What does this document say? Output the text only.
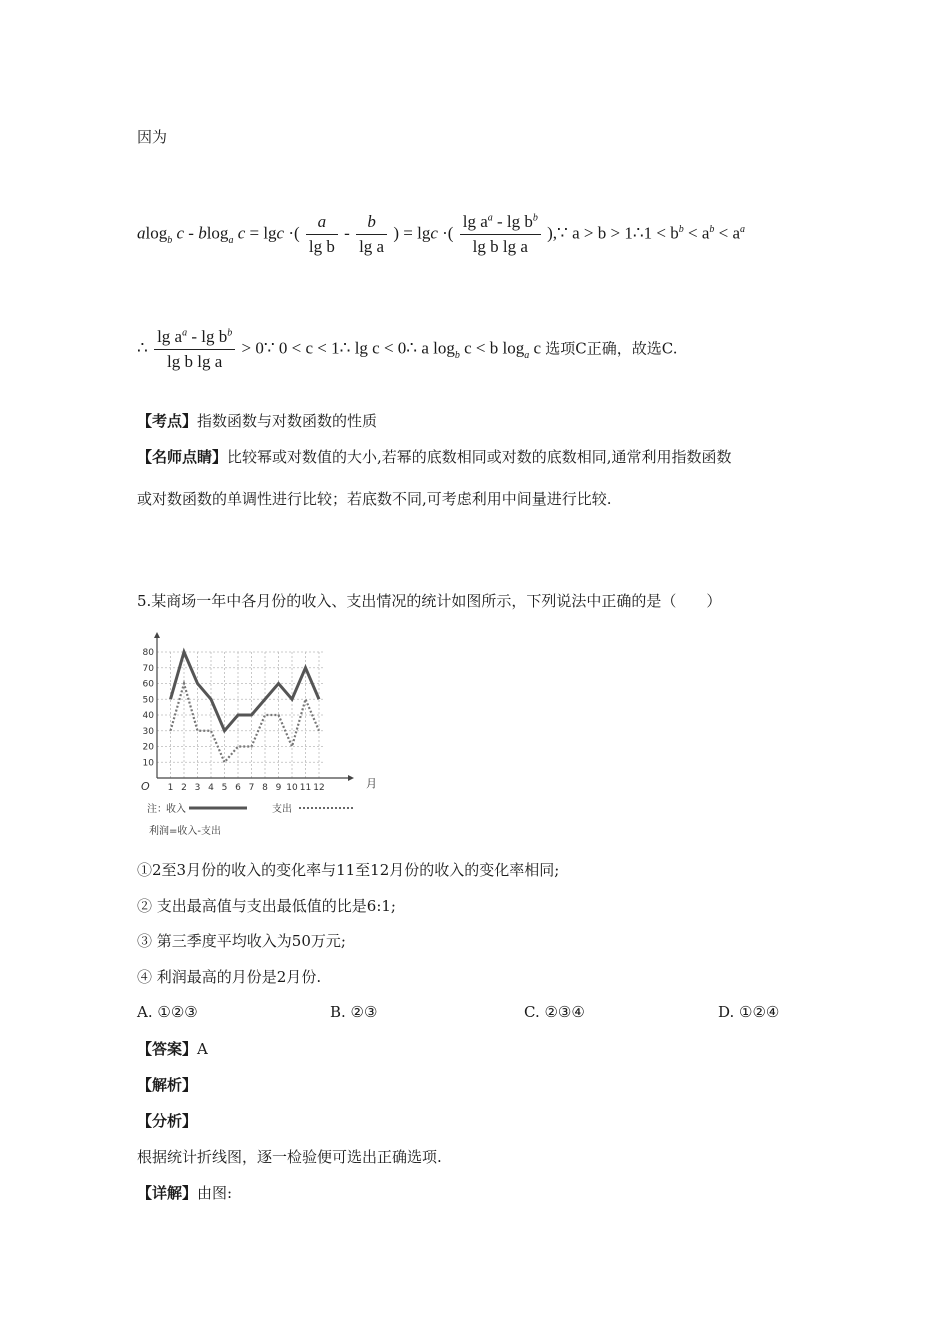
因为
alog$_b$ c - blog$_a$ c = lgc ·( $\frac{a}{\text{lg b}} - \frac{b}{\text{lg a}}$ ) = lgc ·( $\frac{\lg a^a - \lg b^b}{\text{lg b lg a}}$ ),∵ a > b > 1∴1 < $b^b < a^b < a^a$
∴ $\frac{\lg a^a - \lg b^b}{\text{lg b lg a}}$ > 0∵ 0 < c < 1∴ lg c < 0∴ a $\log_b c < b$ $\log_a c$ 选项C正确，故选C.
【考点】指数函数与对数函数的性质
【名师点睛】比较幂或对数值的大小,若幂的底数相同或对数的底数相同,通常利用指数函数
或对数函数的单调性进行比较；若底数不同,可考虑利用中间量进行比较.
5.某商场一年中各月份的收入、支出情况的统计如图所示，下列说法中正确的是（　　）
10
20
30
40
50
60
70
80
1 2 3 4 5 6 7 8 9 10 11 12	月
O
注： 收入	支出
利润=收入-支出
①2至3月份的收入的变化率与11至12月份的收入的变化率相同;
② 支出最高值与支出最低值的比是6:1;
③ 第三季度平均收入为50万元;
④ 利润最高的月份是2月份.
A. ①②③	B. ②③	C. ②③④	D. ①②④
【答案】A
【解析】
【分析】
根据统计折线图，逐一检验便可选出正确选项.
【详解】由图:
